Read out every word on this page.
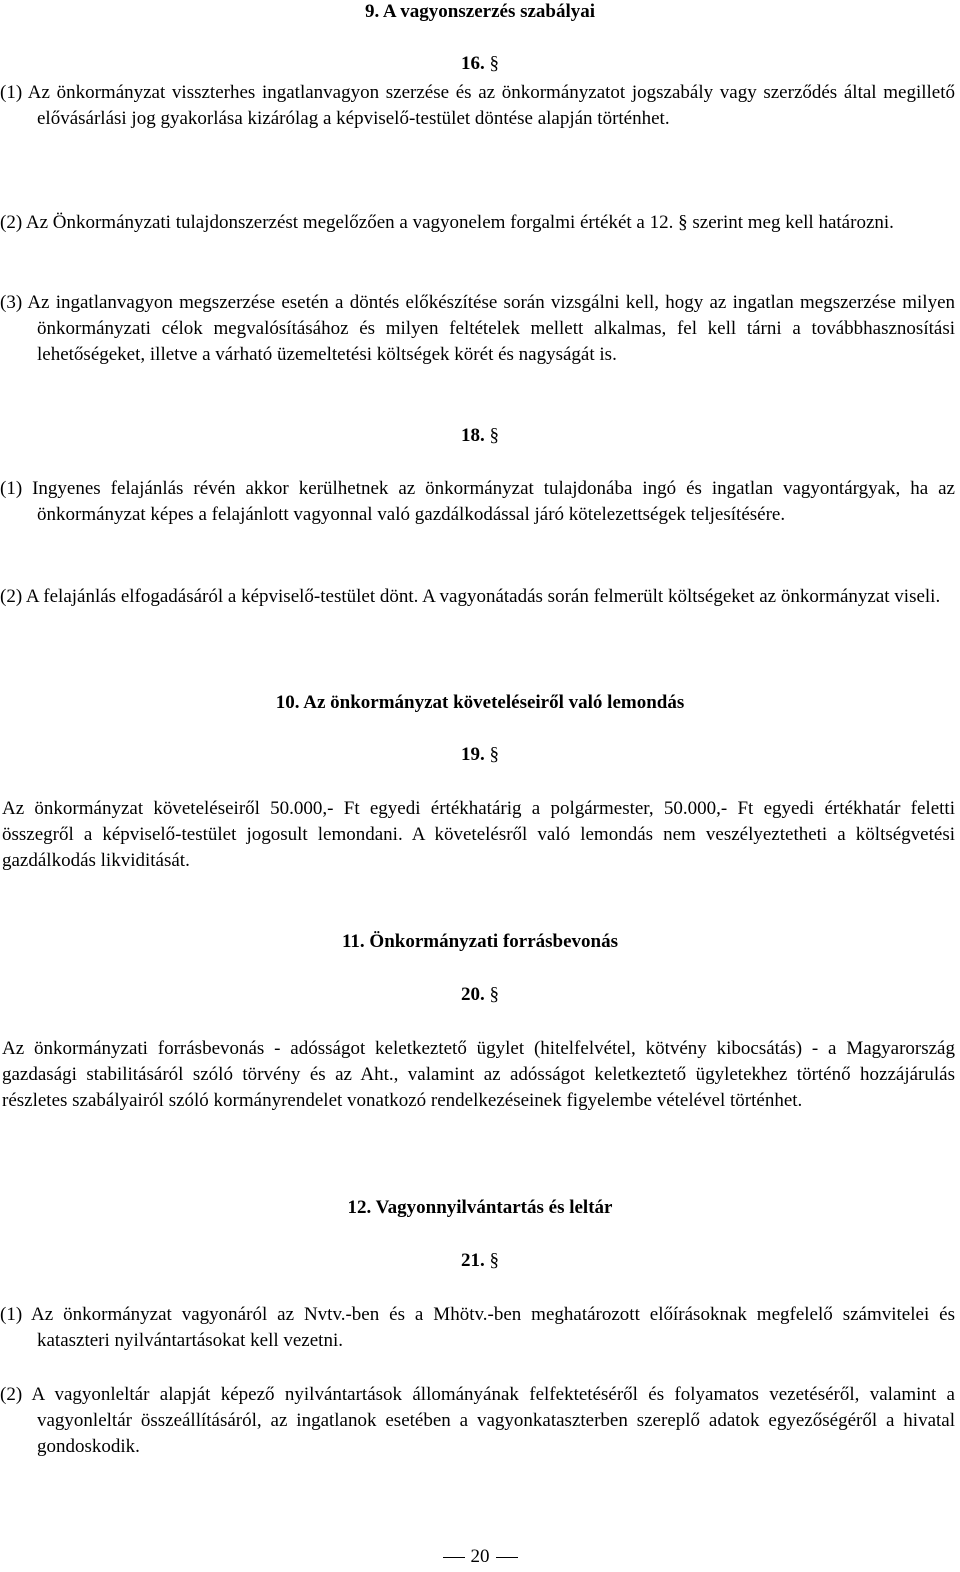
9. A vagyonszerzés szabályai
16. §
(1) Az önkormányzat visszterhes ingatlanvagyon szerzése és az önkormányzatot jogszabály vagy szerződés által megillető elővásárlási jog gyakorlása kizárólag a képviselő-testület döntése alapján történhet.
(2) Az Önkormányzati tulajdonszerzést megelőzően a vagyonelem forgalmi értékét a 12. § szerint meg kell határozni.
(3) Az ingatlanvagyon megszerzése esetén a döntés előkészítése során vizsgálni kell, hogy az ingatlan megszerzése milyen önkormányzati célok megvalósításához és milyen feltételek mellett alkalmas, fel kell tárni a továbbhasznosítási lehetőségeket, illetve a várható üzemeltetési költségek körét és nagyságát is.
18. §
(1) Ingyenes felajánlás révén akkor kerülhetnek az önkormányzat tulajdonába ingó és ingatlan vagyontárgyak, ha az önkormányzat képes a felajánlott vagyonnal való gazdálkodással járó kötelezettségek teljesítésére.
(2) A felajánlás elfogadásáról a képviselő-testület dönt. A vagyonátadás során felmerült költségeket az önkormányzat viseli.
10. Az önkormányzat követeléseiről való lemondás
19. §
Az önkormányzat követeléseiről 50.000,- Ft egyedi értékhatárig a polgármester, 50.000,- Ft egyedi értékhatár feletti összegről a képviselő-testület jogosult lemondani. A követelésről való lemondás nem veszélyeztetheti a költségvetési gazdálkodás likviditását.
11. Önkormányzati forrásbevonás
20. §
Az önkormányzati forrásbevonás - adósságot keletkeztető ügylet (hitelfelvétel, kötvény kibocsátás) - a Magyarország gazdasági stabilitásáról szóló törvény és az Aht., valamint az adósságot keletkeztető ügyletekhez történő hozzájárulás részletes szabályairól szóló kormányrendelet vonatkozó rendelkezéseinek figyelembe vételével történhet.
12. Vagyonnyilvántartás és leltár
21. §
(1) Az önkormányzat vagyonáról az Nvtv.-ben és a Mhötv.-ben meghatározott előírásoknak megfelelő számvitelei és kataszteri nyilvántartásokat kell vezetni.
(2) A vagyonleltár alapját képező nyilvántartások állományának felfektetéséről és folyamatos vezetéséről, valamint a vagyonleltár összeállításáról, az ingatlanok esetében a vagyonkataszterben szereplő adatok egyezőségéről a hivatal gondoskodik.
20
